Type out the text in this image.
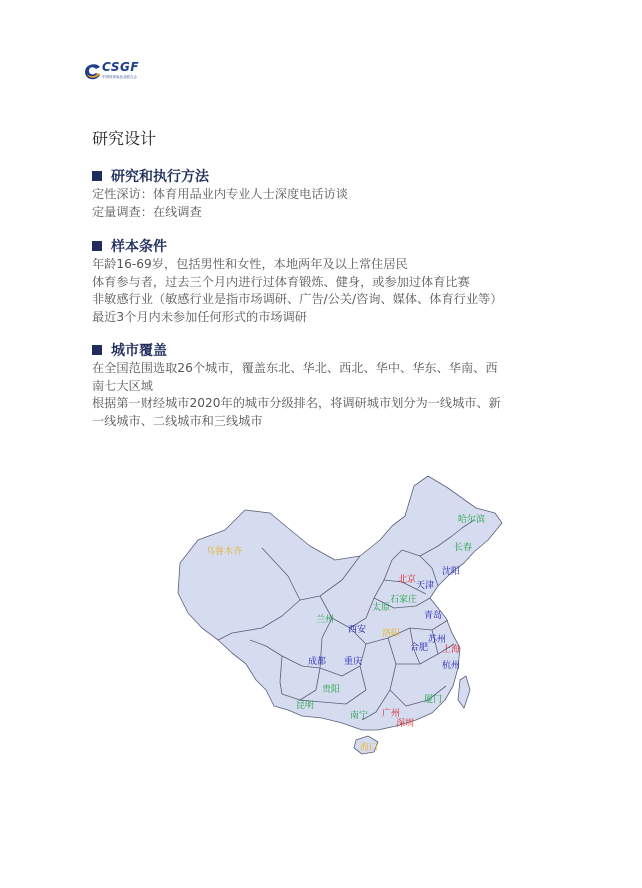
CSGF
中国体育用品业联合会
研究设计
研究和执行方法
定性深访：体育用品业内专业人士深度电话访谈
定量调查：在线调查
样本条件
年龄16-69岁，包括男性和女性，本地两年及以上常住居民
体育参与者，过去三个月内进行过体育锻炼、健身，或参加过体育比赛
非敏感行业（敏感行业是指市场调研、广告/公关/咨询、媒体、体育行业等）
最近3个月内未参加任何形式的市场调研
城市覆盖
在全国范围选取26个城市，覆盖东北、华北、西北、华中、华东、华南、西
南七大区域
根据第一财经城市2020年的城市分级排名，将调研城市划分为一线城市、新
一线城市、二线城市和三线城市
乌鲁木齐
哈尔滨
长春
沈阳
北京
天津
石家庄
太原
青岛
兰州
西安 洛阳
苏州
合肥 上海
成都 重庆	杭州
贵阳
厦门
昆明
南宁 广州
深圳
海口
